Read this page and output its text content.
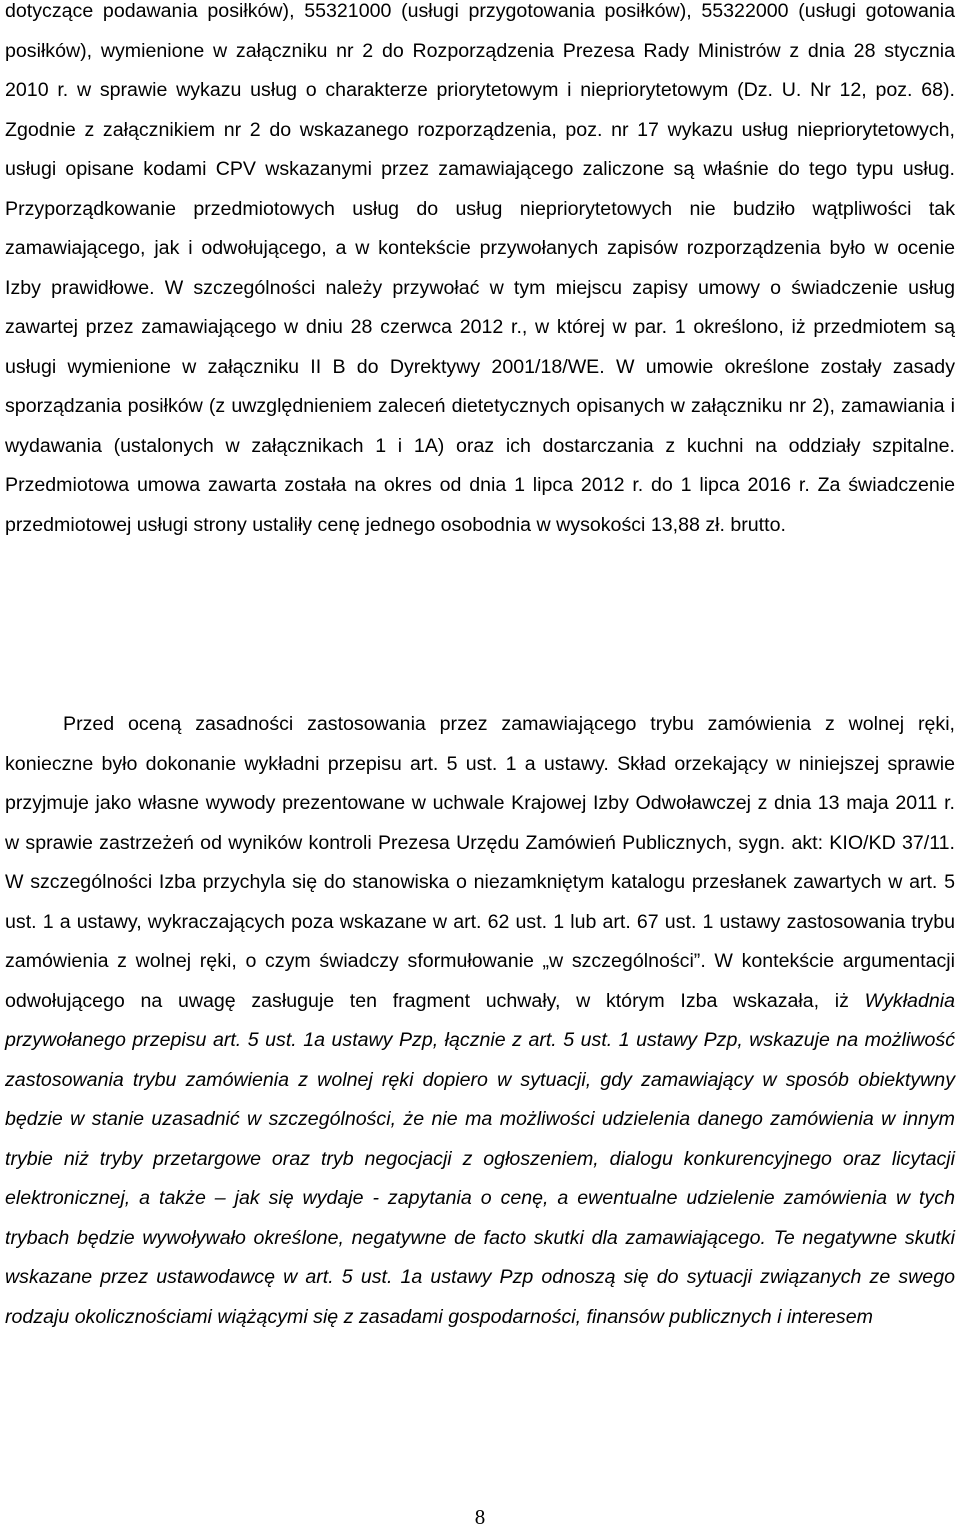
dotyczące podawania posiłków), 55321000 (usługi przygotowania posiłków), 55322000 (usługi gotowania posiłków), wymienione w załączniku nr 2 do Rozporządzenia Prezesa Rady Ministrów z dnia 28 stycznia 2010 r. w sprawie wykazu usług o charakterze priorytetowym i niepriorytetowym (Dz. U. Nr 12, poz. 68). Zgodnie z załącznikiem nr 2 do wskazanego rozporządzenia, poz. nr 17 wykazu usług niepriorytetowych, usługi opisane kodami CPV wskazanymi przez zamawiającego zaliczone są właśnie do tego typu usług. Przyporządkowanie przedmiotowych usług do usług niepriorytetowych nie budziło wątpliwości tak zamawiającego, jak i odwołującego, a w kontekście przywołanych zapisów rozporządzenia było w ocenie Izby prawidłowe. W szczególności należy przywołać w tym miejscu zapisy umowy o świadczenie usług zawartej przez zamawiającego w dniu 28 czerwca 2012 r., w której w par. 1 określono, iż przedmiotem są usługi wymienione w załączniku II B do Dyrektywy 2001/18/WE. W umowie określone zostały zasady sporządzania posiłków (z uwzględnieniem zaleceń dietetycznych opisanych w załączniku nr 2), zamawiania i wydawania (ustalonych w załącznikach 1 i 1A) oraz ich dostarczania z kuchni na oddziały szpitalne. Przedmiotowa umowa zawarta została na okres od dnia 1 lipca 2012 r. do 1 lipca 2016 r. Za świadczenie przedmiotowej usługi strony ustaliły cenę jednego osobodnia w wysokości 13,88 zł. brutto.

Przed oceną zasadności zastosowania przez zamawiającego trybu zamówienia z wolnej ręki, konieczne było dokonanie wykładni przepisu art. 5 ust. 1 a ustawy. Skład orzekający w niniejszej sprawie przyjmuje jako własne wywody prezentowane w uchwale Krajowej Izby Odwoławczej z dnia 13 maja 2011 r. w sprawie zastrzeżeń od wyników kontroli Prezesa Urzędu Zamówień Publicznych, sygn. akt: KIO/KD 37/11. W szczególności Izba przychyla się do stanowiska o niezamkniętym katalogu przesłanek zawartych w art. 5 ust. 1 a ustawy, wykraczających poza wskazane w art. 62 ust. 1 lub art. 67 ust. 1 ustawy zastosowania trybu zamówienia z wolnej ręki, o czym świadczy sformułowanie „w szczególności”. W kontekście argumentacji odwołującego na uwagę zasługuje ten fragment uchwały, w którym Izba wskazała, iż Wykładnia przywołanego przepisu art. 5 ust. 1a ustawy Pzp, łącznie z art. 5 ust. 1 ustawy Pzp, wskazuje na możliwość zastosowania trybu zamówienia z wolnej ręki dopiero w sytuacji, gdy zamawiający w sposób obiektywny będzie w stanie uzasadnić w szczególności, że nie ma możliwości udzielenia danego zamówienia w innym trybie niż tryby przetargowe oraz tryb negocjacji z ogłoszeniem, dialogu konkurencyjnego oraz licytacji elektronicznej, a także – jak się wydaje - zapytania o cenę, a ewentualne udzielenie zamówienia w tych trybach będzie wywoływało określone, negatywne de facto skutki dla zamawiającego. Te negatywne skutki wskazane przez ustawodawcę w art. 5 ust. 1a ustawy Pzp odnoszą się do sytuacji związanych ze swego rodzaju okolicznościami wiążącymi się z zasadami gospodarności, finansów publicznych i interesem

8
